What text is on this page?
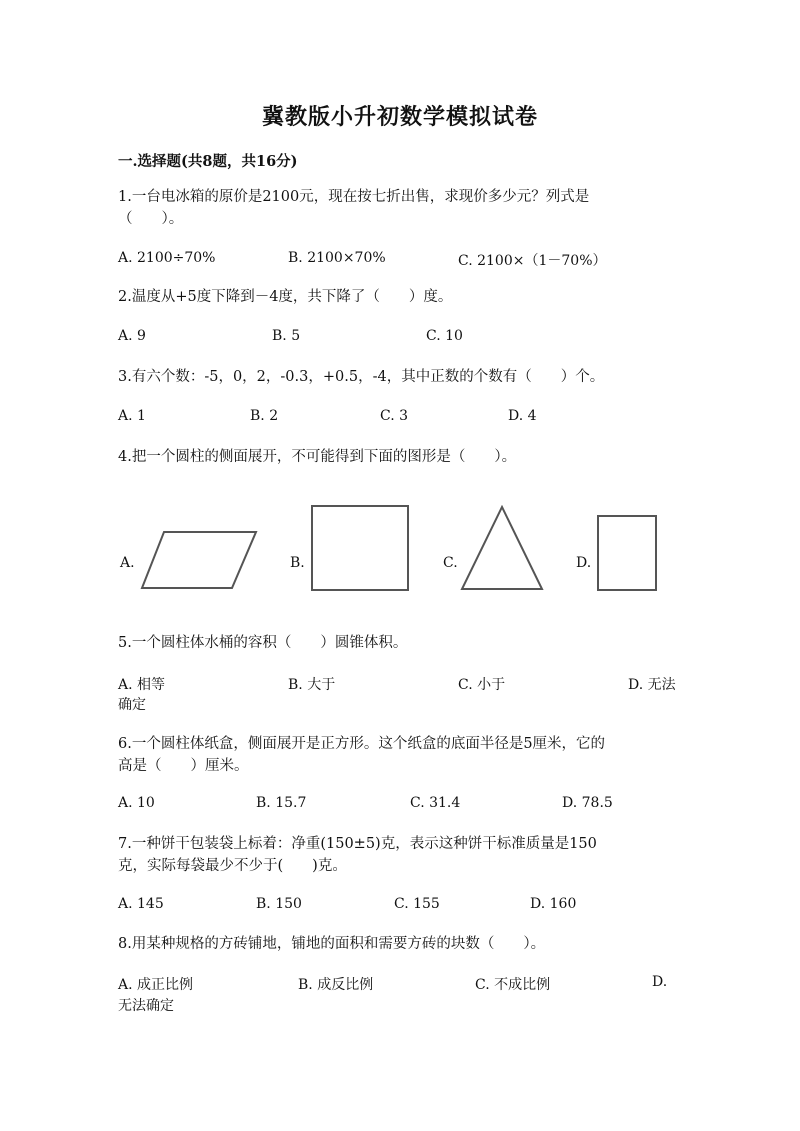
冀教版小升初数学模拟试卷
一.选择题(共8题，共16分)
1.一台电冰箱的原价是2100元，现在按七折出售，求现价多少元？列式是
（　　）。
A. 2100÷70%	B. 2100×70%	C. 2100×（1－70%）
2.温度从+5度下降到－4度，共下降了（　　）度。
A. 9	B. 5	C. 10
3.有六个数：-5，0，2，-0.3，+0.5，-4，其中正数的个数有（　　）个。
A. 1	B. 2	C. 3	D. 4
4.把一个圆柱的侧面展开，不可能得到下面的图形是（　　）。
A.	B.	C.	D.
5.一个圆柱体水桶的容积（　　）圆锥体积。
A. 相等	B. 大于	C. 小于	D. 无法
确定
6.一个圆柱体纸盒，侧面展开是正方形。这个纸盒的底面半径是5厘米，它的
高是（　　）厘米。
A. 10	B. 15.7	C. 31.4	D. 78.5
7.一种饼干包装袋上标着：净重(150±5)克，表示这种饼干标准质量是150
克，实际每袋最少不少于(　　)克。
A. 145	B. 150	C. 155	D. 160
8.用某种规格的方砖铺地，铺地的面积和需要方砖的块数（　　）。
A. 成正比例	B. 成反比例	C. 不成比例	D.
无法确定
